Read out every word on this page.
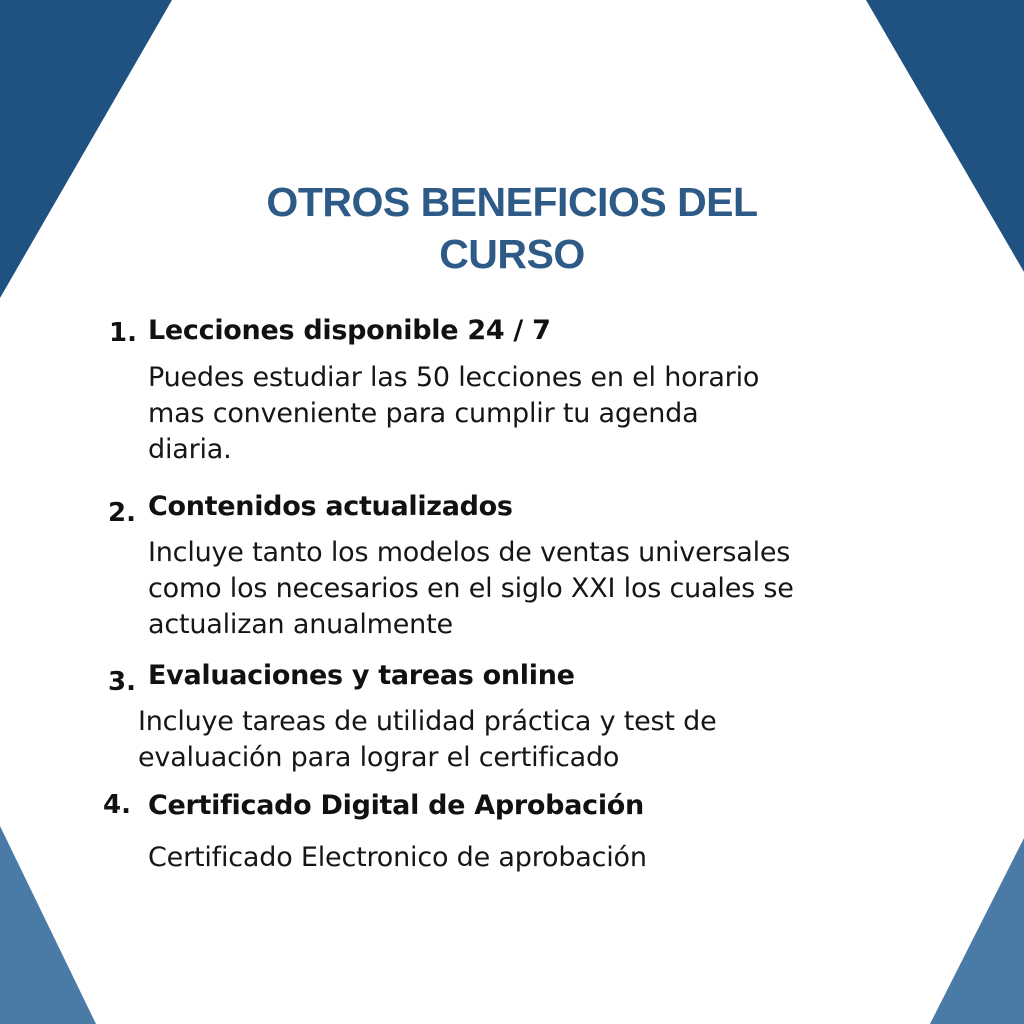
OTROS BENEFICIOS DEL
CURSO
1. Lecciones disponible 24 / 7
Puedes estudiar las 50 lecciones en el horario
mas conveniente para cumplir tu agenda
diaria.
2. Contenidos actualizados
Incluye tanto los modelos de ventas universales
como los necesarios en el siglo XXI los cuales se
actualizan anualmente
3. Evaluaciones y tareas online
Incluye tareas de utilidad práctica y test de
evaluación para lograr el certificado
4. Certificado Digital de Aprobación
Certificado Electronico de aprobación
